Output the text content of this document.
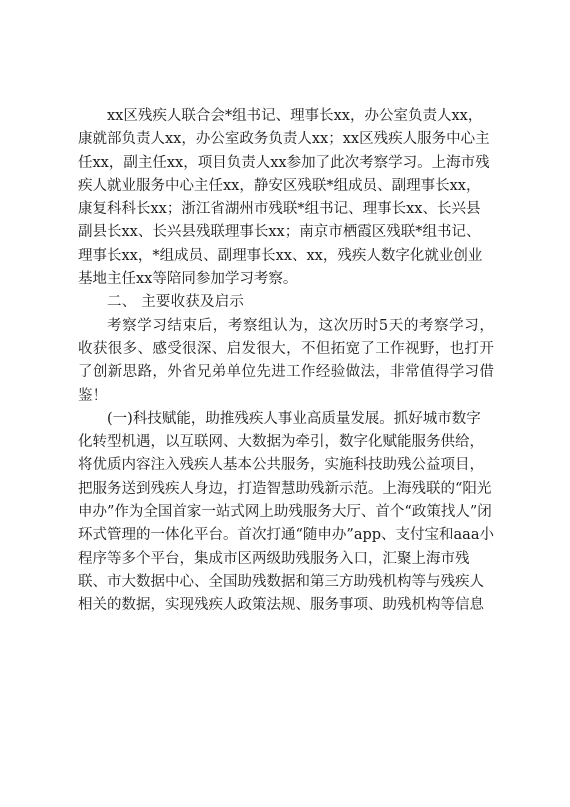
xx区残疾人联合会*组书记、理事长xx，办公室负责人xx，康就部负责人xx，办公室政务负责人xx；xx区残疾人服务中心主任xx，副主任xx，项目负责人xx参加了此次考察学习。上海市残疾人就业服务中心主任xx，静安区残联*组成员、副理事长xx，康复科科长xx；浙江省湖州市残联*组书记、理事长xx、长兴县副县长xx、长兴县残联理事长xx；南京市栖霞区残联*组书记、理事长xx，*组成员、副理事长xx、xx，残疾人数字化就业创业基地主任xx等陪同参加学习考察。

二、 主要收获及启示

考察学习结束后，考察组认为，这次历时5天的考察学习，收获很多、感受很深、启发很大，不但拓宽了工作视野，也打开了创新思路，外省兄弟单位先进工作经验做法，非常值得学习借鉴！

(一)科技赋能，助推残疾人事业高质量发展。抓好城市数字化转型机遇，以互联网、大数据为牵引，数字化赋能服务供给，将优质内容注入残疾人基本公共服务，实施科技助残公益项目，把服务送到残疾人身边，打造智慧助残新示范。上海残联的“阳光申办”作为全国首家一站式网上助残服务大厅、首个“政策找人”闭环式管理的一体化平台。首次打通“随申办”app、支付宝和aaa小程序等多个平台，集成市区两级助残服务入口，汇聚上海市残联、市大数据中心、全国助残数据和第三方助残机构等与残疾人相关的数据，实现残疾人政策法规、服务事项、助残机构等信息
